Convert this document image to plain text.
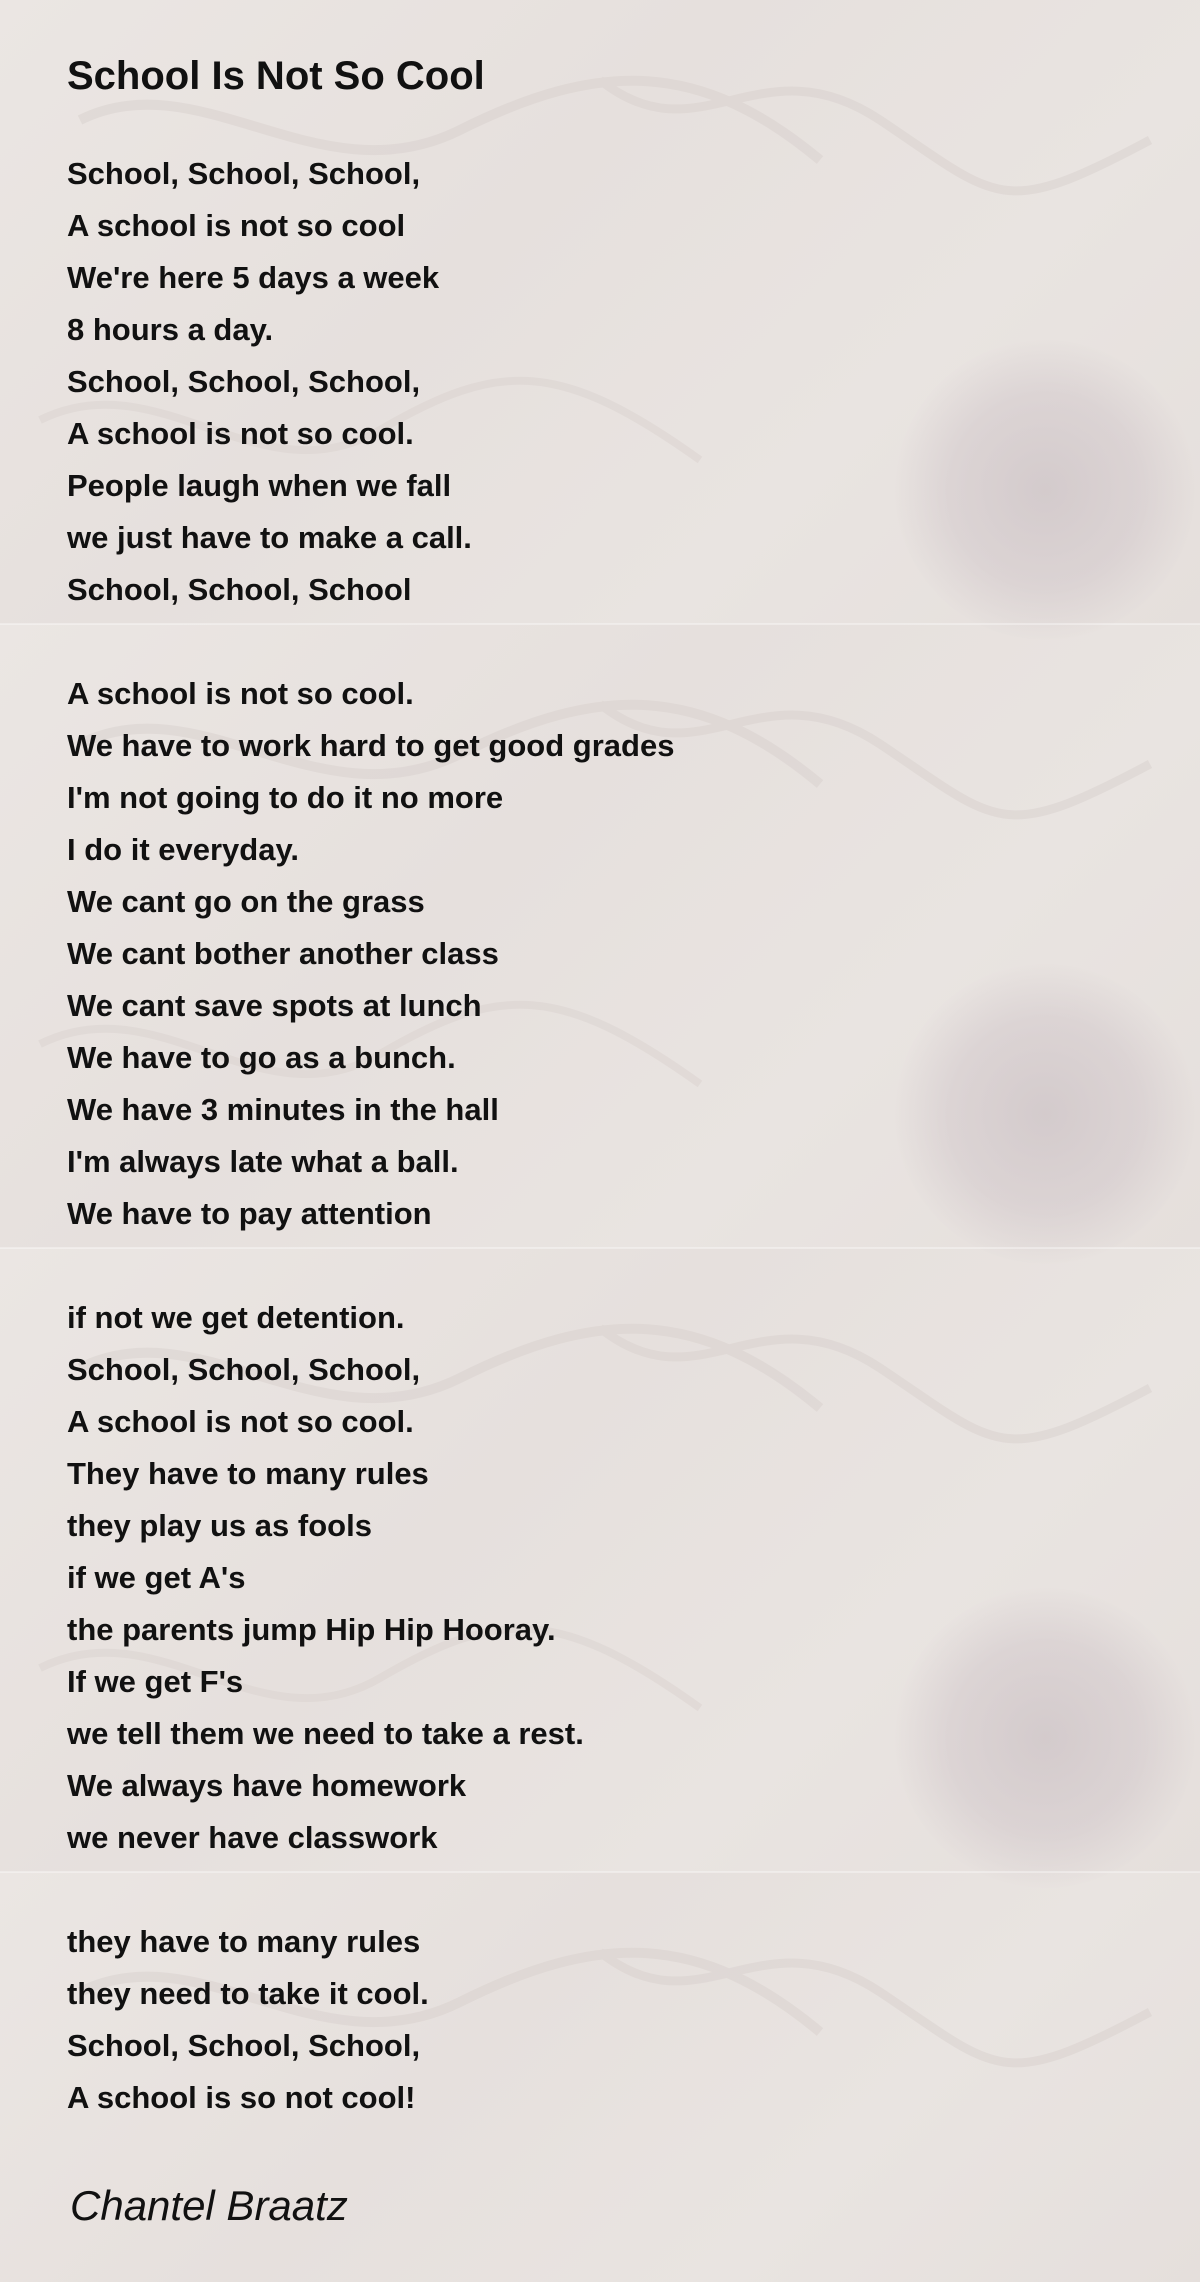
School Is Not So Cool
School, School, School,
A school is not so cool
We're here 5 days a week
8 hours a day.
School, School, School,
A school is not so cool.
People laugh when we fall
we just have to make a call.
School, School, School
A school is not so cool.
We have to work hard to get good grades
I'm not going to do it no more
I do it everyday.
We cant go on the grass
We cant bother another class
We cant save spots at lunch
We have to go as a bunch.
We have 3 minutes in the hall
I'm always late what a ball.
We have to pay attention
if not we get detention.
School, School, School,
A school is not so cool.
They have to many rules
they play us as fools
if we get A's
the parents jump Hip Hip Hooray.
If we get F's
we tell them we need to take a rest.
We always have homework
we never have classwork
they have to many rules
they need to take it cool.
School, School, School,
A school is so not cool!
Chantel Braatz
